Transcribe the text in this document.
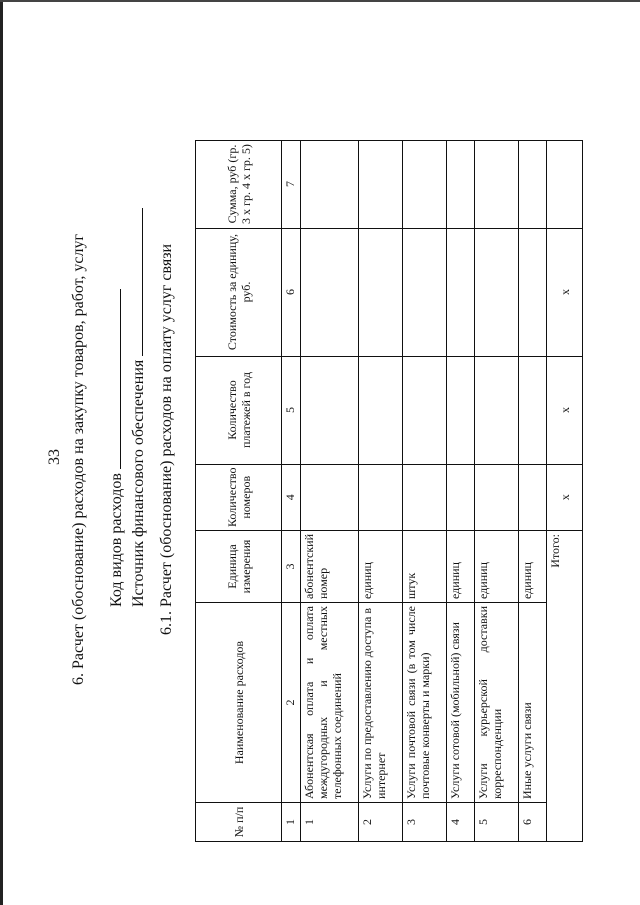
33 6. Расчет (обоснование) расходов на закупку товаров, работ, услуг Код видов расходов Источник финансового обеспечения 6.1. Расчет (обоснование) расходов на оплату услуг связи
№ п/п	Наименование расходов	Единица измерения	Количество номеров	Количество платежей в год	Стоимость за единицу, руб.	Сумма, руб (гр. 3 х гр. 4 х гр. 5)
1	2	3	4	5	6	7
1	Абонентская оплата и оплата междугородных и местных телефонных соединений	абонентский номер				
2	Услуги по предоставлению доступа в интернет	единиц				
3	Услуги почтовой связи (в том числе почтовые конверты и марки)	штук				
4	Услуги сотовой (мобильной) связи	единиц				
5	Услуги курьерской доставки корреспонденции	единиц				
6	Иные услуги связи	единиц				
Итого:			x	x	x	
